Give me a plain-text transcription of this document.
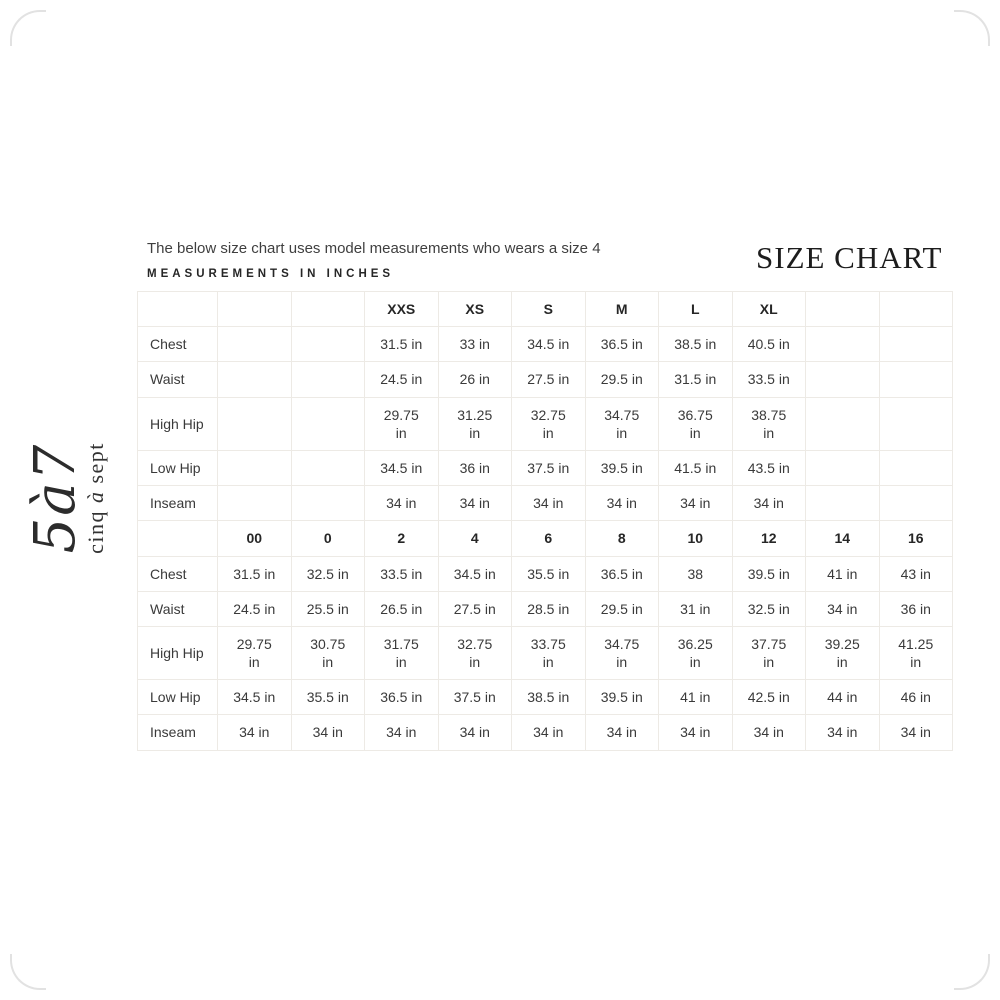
5à7
cinq à sept
The below size chart uses model measurements who wears a size 4
MEASUREMENTS IN INCHES	SIZE CHART
			XXS	XS	S	M	L	XL		
Chest			31.5 in	33 in	34.5 in	36.5 in	38.5 in	40.5 in		
Waist			24.5 in	26 in	27.5 in	29.5 in	31.5 in	33.5 in		
High Hip			29.75 in	31.25 in	32.75 in	34.75 in	36.75 in	38.75 in		
Low Hip			34.5 in	36 in	37.5 in	39.5 in	41.5 in	43.5 in		
Inseam			34 in	34 in	34 in	34 in	34 in	34 in		
	00	0	2	4	6	8	10	12	14	16
Chest	31.5 in	32.5 in	33.5 in	34.5 in	35.5 in	36.5 in	38	39.5 in	41 in	43 in
Waist	24.5 in	25.5 in	26.5 in	27.5 in	28.5 in	29.5 in	31 in	32.5 in	34 in	36 in
High Hip	29.75 in	30.75 in	31.75 in	32.75 in	33.75 in	34.75 in	36.25 in	37.75 in	39.25 in	41.25 in
Low Hip	34.5 in	35.5 in	36.5 in	37.5 in	38.5 in	39.5 in	41 in	42.5 in	44 in	46 in
Inseam	34 in	34 in	34 in	34 in	34 in	34 in	34 in	34 in	34 in	34 in
